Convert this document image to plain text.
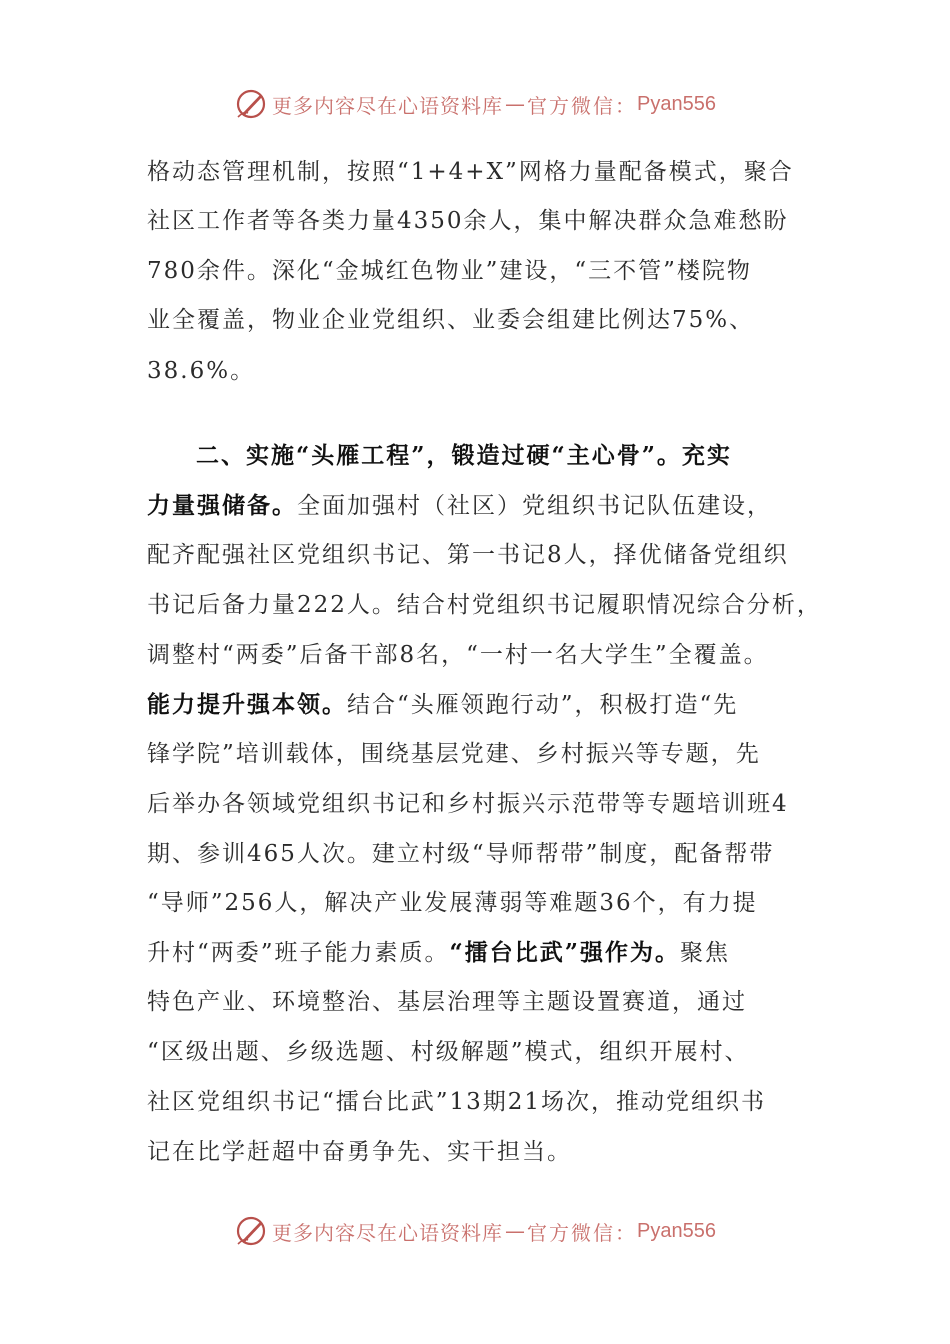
更多内容尽在心语资料库 — 官方微信： Pyan556
格动态管理机制，按照“1+4+X”网格力量配备模式，聚合
社区工作者等各类力量4350余人，集中解决群众急难愁盼
780余件。深化“金城红色物业”建设，“三不管”楼院物
业全覆盖，物业企业党组织、业委会组建比例达75%、
38.6%。
二、实施“头雁工程”，锻造过硬“主心骨”。充实
力量强储备。全面加强村（社区）党组织书记队伍建设，
配齐配强社区党组织书记、第一书记8人，择优储备党组织
书记后备力量222人。结合村党组织书记履职情况综合分析，
调整村“两委”后备干部8名，“一村一名大学生”全覆盖。
能力提升强本领。结合“头雁领跑行动”，积极打造“先
锋学院”培训载体，围绕基层党建、乡村振兴等专题，先
后举办各领域党组织书记和乡村振兴示范带等专题培训班4
期、参训465人次。建立村级“导师帮带”制度，配备帮带
“导师”256人，解决产业发展薄弱等难题36个，有力提
升村“两委”班子能力素质。“擂台比武”强作为。聚焦
特色产业、环境整治、基层治理等主题设置赛道，通过
“区级出题、乡级选题、村级解题”模式，组织开展村、
社区党组织书记“擂台比武”13期21场次，推动党组织书
记在比学赶超中奋勇争先、实干担当。
更多内容尽在心语资料库 — 官方微信： Pyan556
